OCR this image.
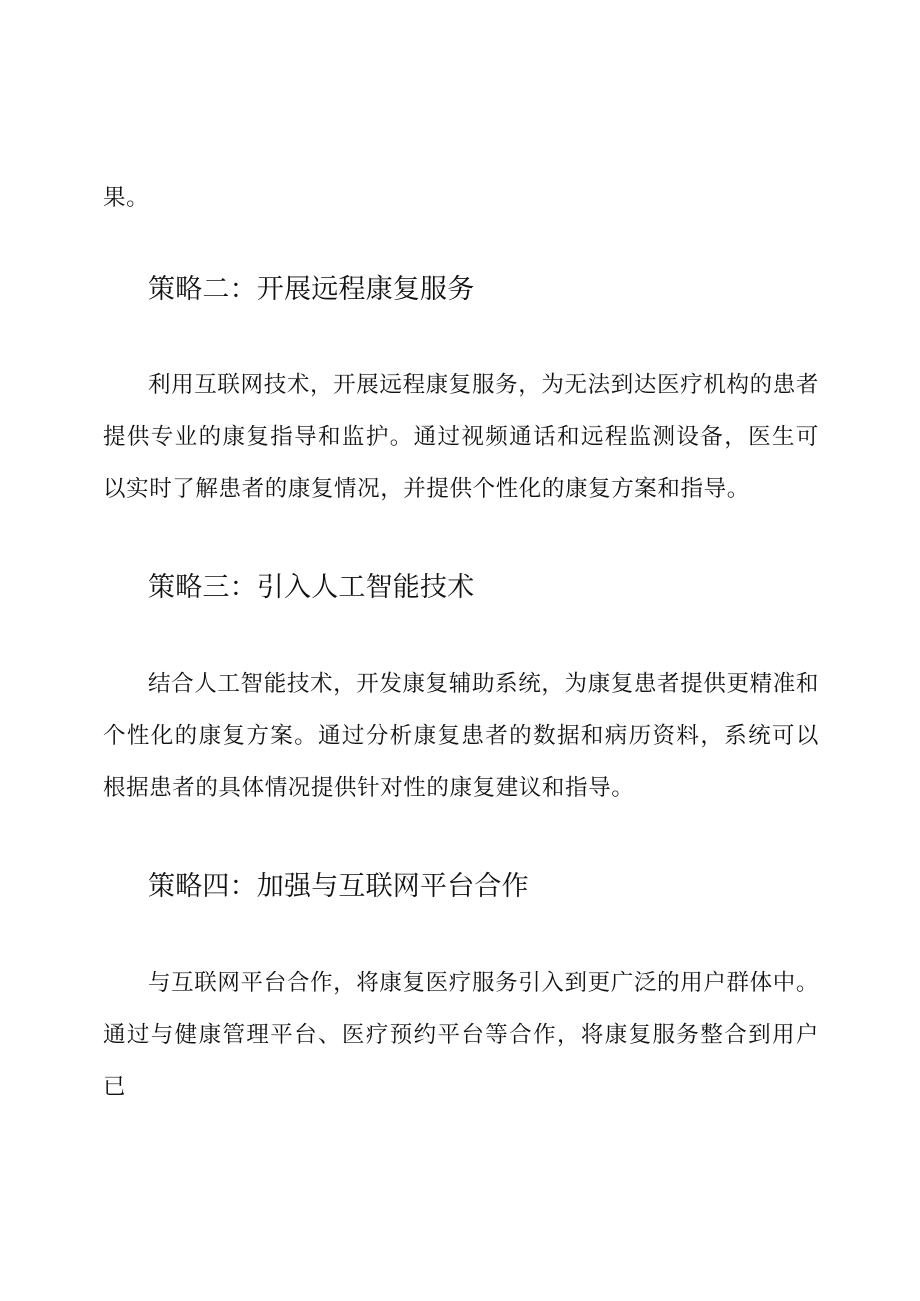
果。

策略二：开展远程康复服务

利用互联网技术，开展远程康复服务，为无法到达医疗机构的患者提供专业的康复指导和监护。通过视频通话和远程监测设备，医生可以实时了解患者的康复情况，并提供个性化的康复方案和指导。

策略三：引入人工智能技术

结合人工智能技术，开发康复辅助系统，为康复患者提供更精准和个性化的康复方案。通过分析康复患者的数据和病历资料，系统可以根据患者的具体情况提供针对性的康复建议和指导。

策略四：加强与互联网平台合作

与互联网平台合作，将康复医疗服务引入到更广泛的用户群体中。通过与健康管理平台、医疗预约平台等合作，将康复服务整合到用户已
